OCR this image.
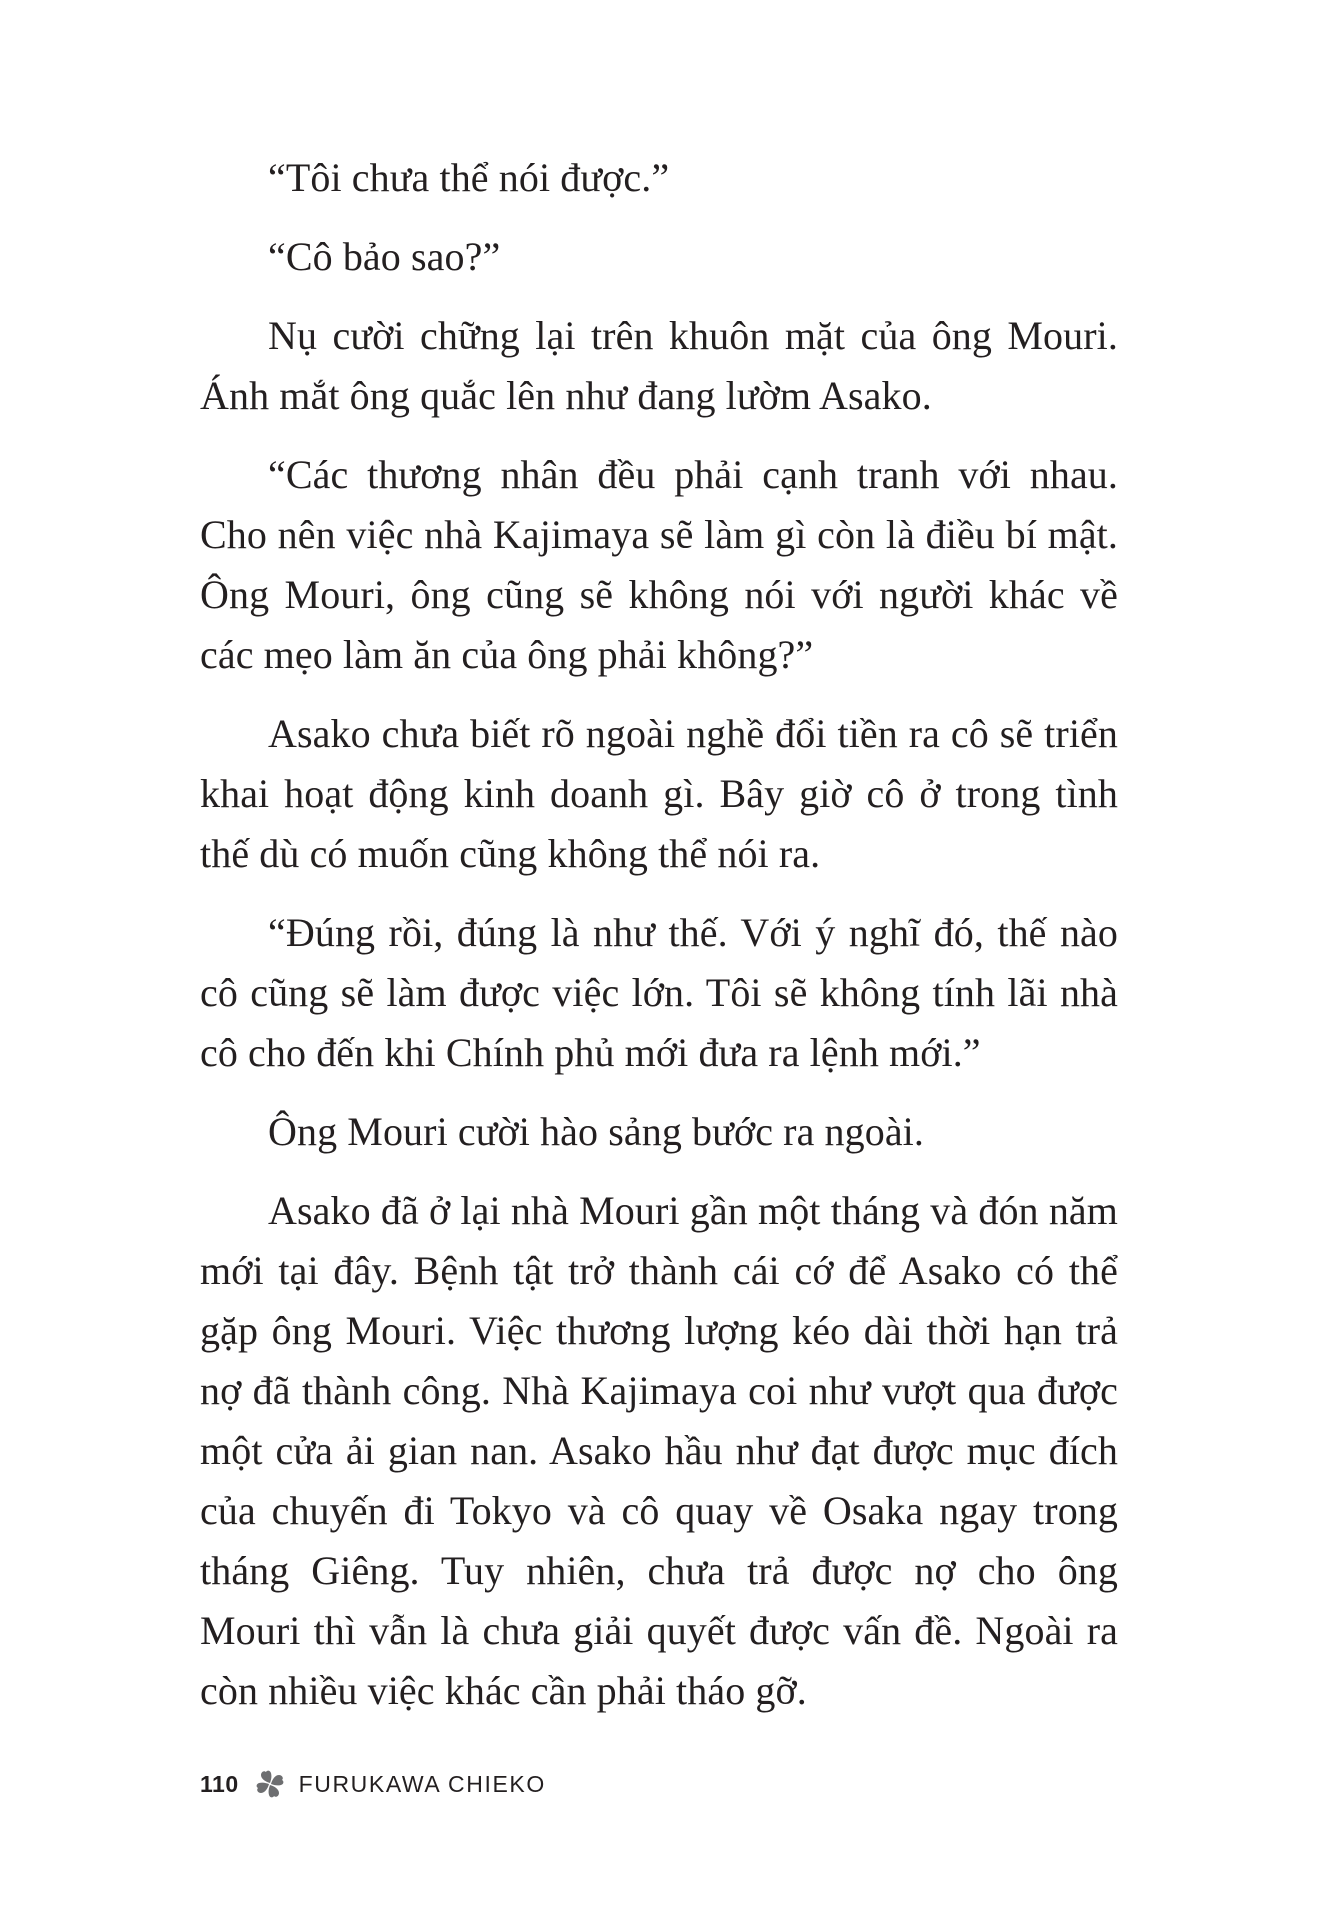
“Tôi chưa thể nói được.”

“Cô bảo sao?”

Nụ cười chững lại trên khuôn mặt của ông Mouri. Ánh mắt ông quắc lên như đang lườm Asako.

“Các thương nhân đều phải cạnh tranh với nhau. Cho nên việc nhà Kajimaya sẽ làm gì còn là điều bí mật. Ông Mouri, ông cũng sẽ không nói với người khác về các mẹo làm ăn của ông phải không?”

Asako chưa biết rõ ngoài nghề đổi tiền ra cô sẽ triển khai hoạt động kinh doanh gì. Bây giờ cô ở trong tình thế dù có muốn cũng không thể nói ra.

“Đúng rồi, đúng là như thế. Với ý nghĩ đó, thế nào cô cũng sẽ làm được việc lớn. Tôi sẽ không tính lãi nhà cô cho đến khi Chính phủ mới đưa ra lệnh mới.”

Ông Mouri cười hào sảng bước ra ngoài.

Asako đã ở lại nhà Mouri gần một tháng và đón năm mới tại đây. Bệnh tật trở thành cái cớ để Asako có thể gặp ông Mouri. Việc thương lượng kéo dài thời hạn trả nợ đã thành công. Nhà Kajimaya coi như vượt qua được một cửa ải gian nan. Asako hầu như đạt được mục đích của chuyến đi Tokyo và cô quay về Osaka ngay trong tháng Giêng. Tuy nhiên, chưa trả được nợ cho ông Mouri thì vẫn là chưa giải quyết được vấn đề. Ngoài ra còn nhiều việc khác cần phải tháo gỡ.

110	FURUKAWA CHIEKO
